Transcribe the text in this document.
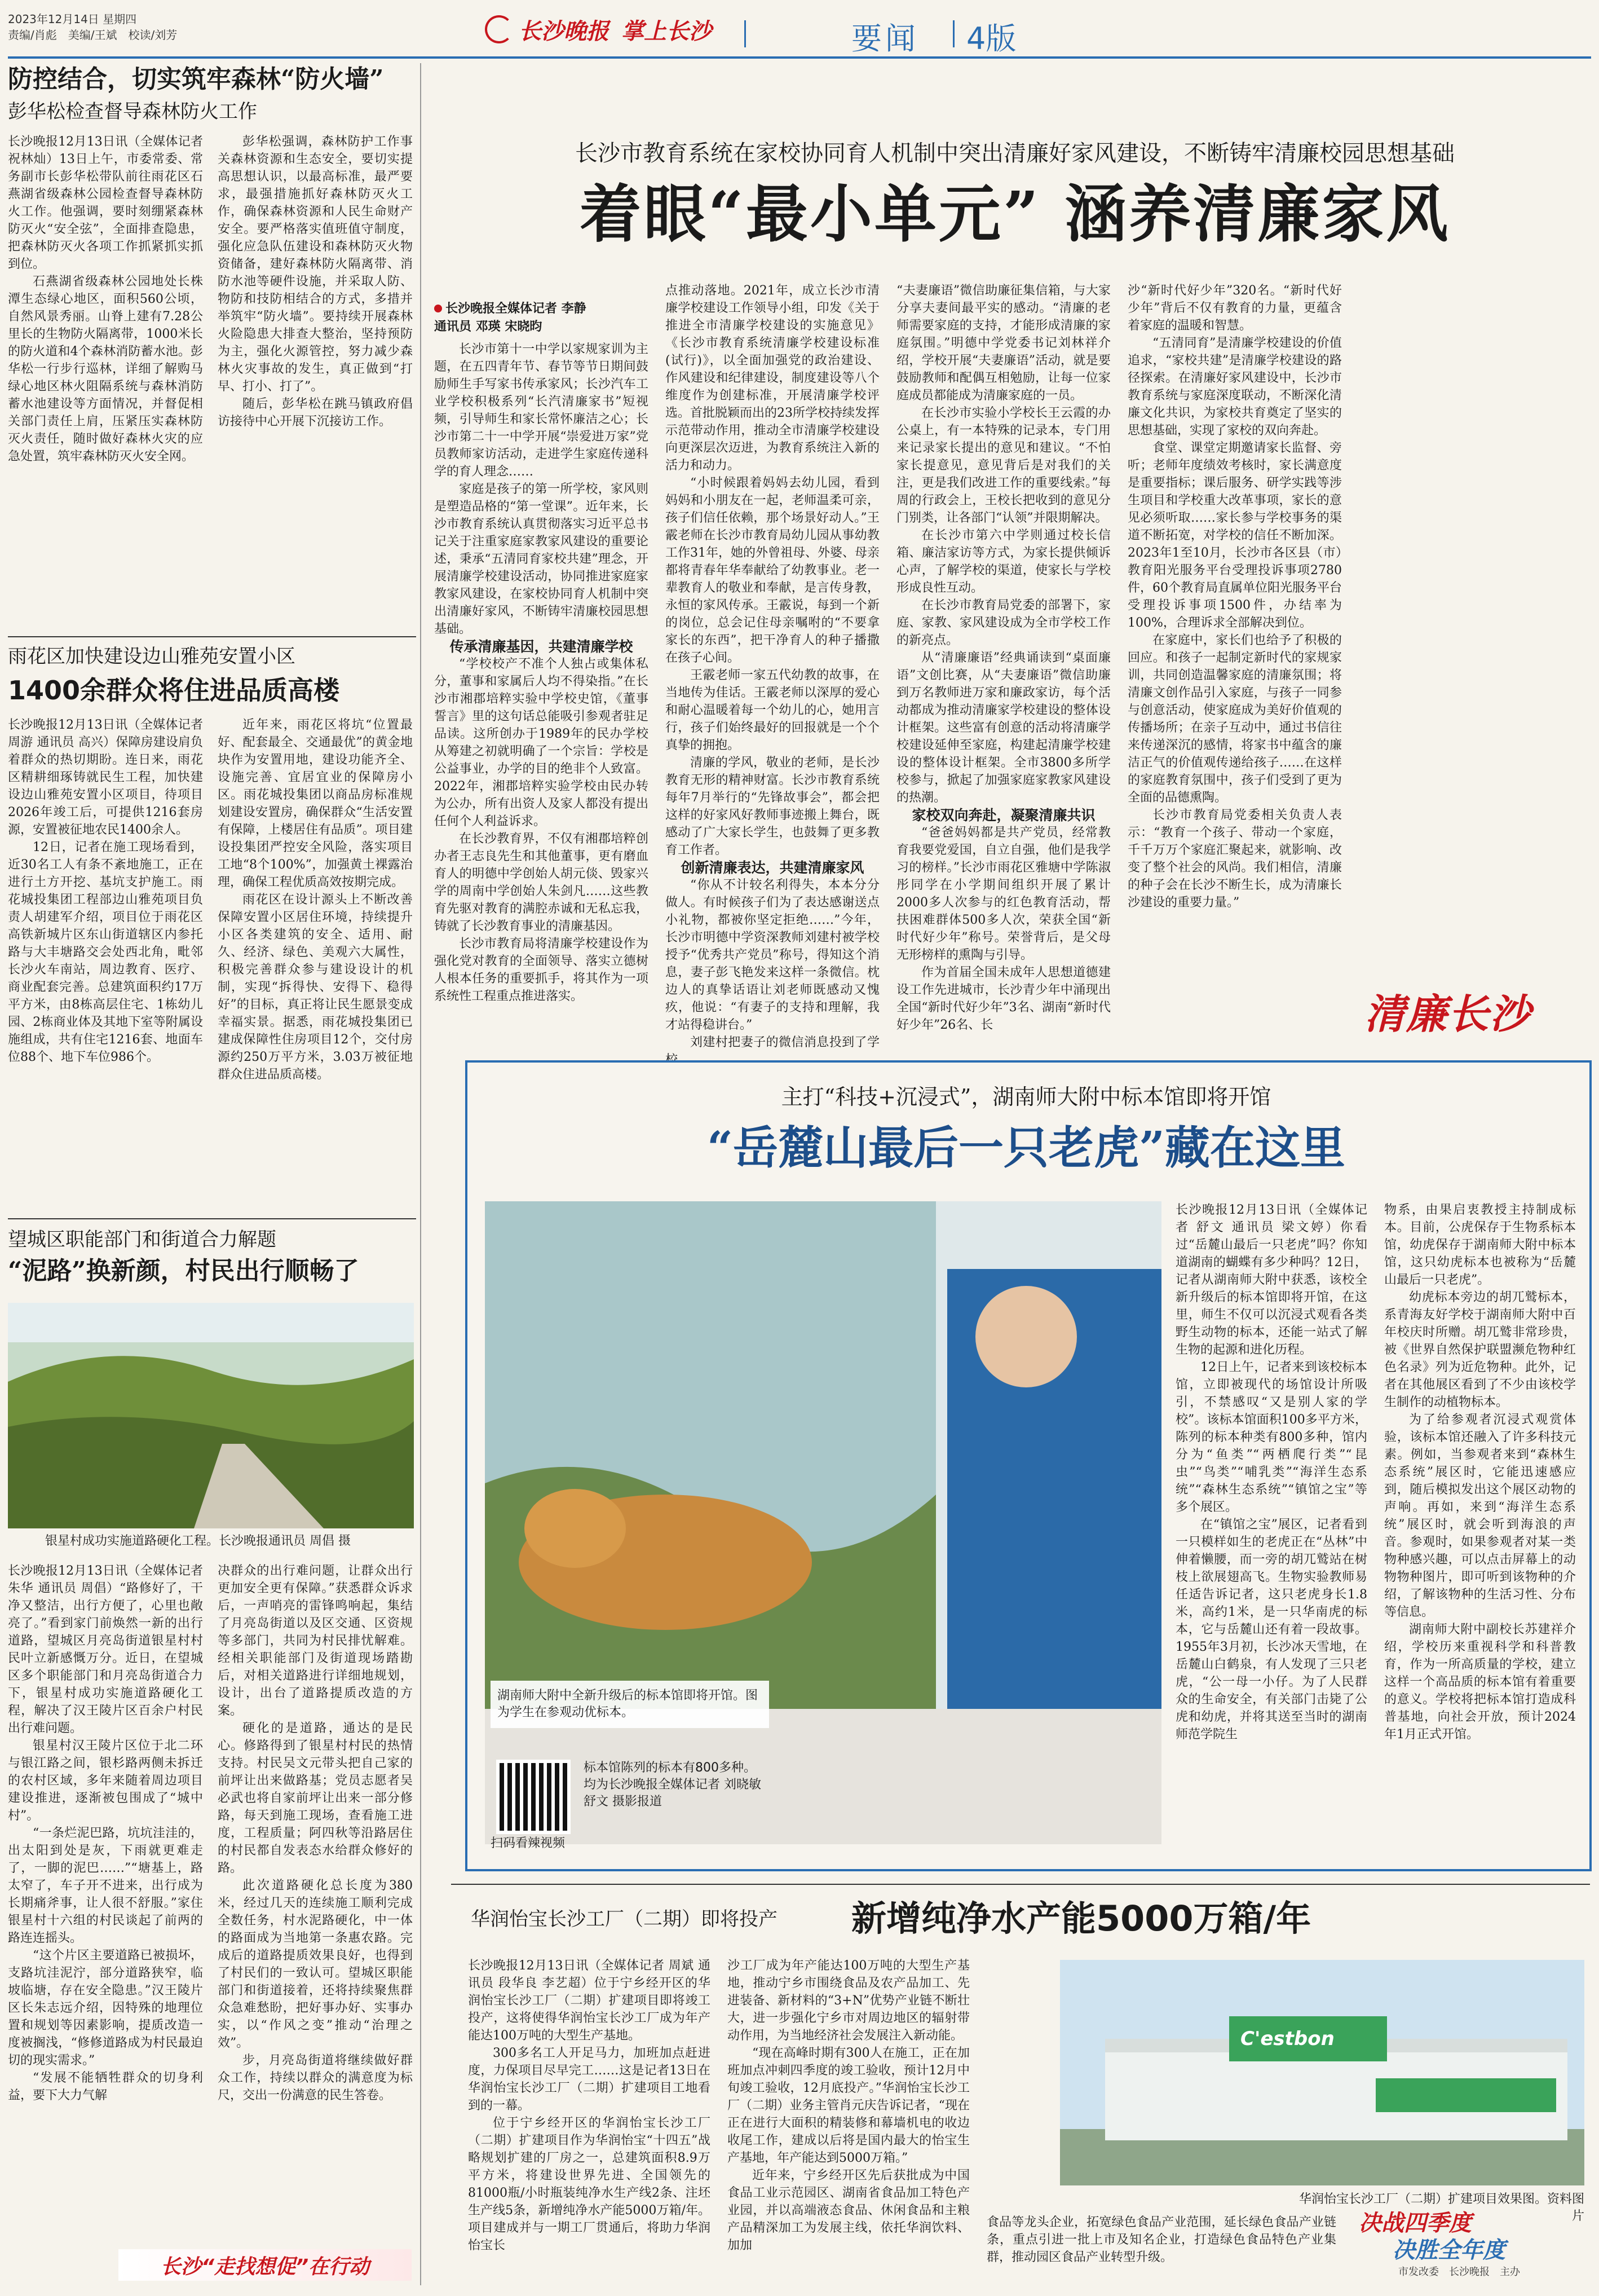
2023年12月14日 星期四
责编/肖彪　美编/王斌　校读/刘芳	长沙晚报 掌上长沙	要闻 4版
防控结合，切实筑牢森林“防火墙”
彭华松检查督导森林防火工作

长沙晚报12月13日讯（全媒体记者 祝林灿）13日上午，市委常委、常务副市长彭华松带队前往雨花区石燕湖省级森林公园检查督导森林防火工作。他强调，要时刻绷紧森林防灭火“安全弦”，全面排查隐患，把森林防灭火各项工作抓紧抓实抓到位。

石燕湖省级森林公园地处长株潭生态绿心地区，面积560公顷，自然风景秀丽。山脊上建有7.28公里长的生物防火隔离带，1000米长的防火道和4个森林消防蓄水池。彭华松一行步行巡林，详细了解购马绿心地区林火阻隔系统与森林消防蓄水池建设等方面情况，并督促相关部门责任上肩，压紧压实森林防灭火责任，随时做好森林火灾的应急处置，筑牢森林防灭火安全网。

彭华松强调，森林防护工作事关森林资源和生态安全，要切实提高思想认识，以最高标准，最严要求，最强措施抓好森林防灭火工作，确保森林资源和人民生命财产安全。要严格落实值班值守制度，强化应急队伍建设和森林防灭火物资储备，建好森林防火隔离带、消防水池等硬件设施，并采取人防、物防和技防相结合的方式，多措并举筑牢“防火墙”。要持续开展森林火险隐患大排查大整治，坚持预防为主，强化火源管控，努力减少森林火灾事故的发生，真正做到“打早、打小、打了”。

随后，彭华松在跳马镇政府倡访接待中心开展下沉接访工作。

雨花区加快建设边山雅苑安置小区
1400余群众将住进品质高楼

长沙晚报12月13日讯（全媒体记者 周游 通讯员 高兴）保障房建设肩负着群众的热切期盼。连日来，雨花区精耕细琢铸就民生工程，加快建设边山雅苑安置小区项目，待项目2026年竣工后，可提供1216套房源，安置被征地农民1400余人。

12日，记者在施工现场看到，近30名工人有条不紊地施工，正在进行土方开挖、基坑支护施工。雨花城投集团工程部边山雅苑项目负责人胡建军介绍，项目位于雨花区高铁新城片区东山街道辖区内参托路与大丰塘路交会处西北角，毗邻长沙火车南站，周边教育、医疗、商业配套完善。总建筑面积约17万平方米，由8栋高层住宅、1栋幼儿园、2栋商业体及其地下室等附属设施组成，共有住宅1216套、地面车位88个、地下车位986个。

近年来，雨花区将坑“位置最好、配套最全、交通最优”的黄金地块作为安置用地，建设功能齐全、设施完善、宜居宜业的保障房小区。雨花城投集团以商品房标准规划建设安置房，确保群众“生活安置有保障，上楼居住有品质”。项目建设投集团严控安全风险，落实项目工地“8个100%”，加强黄土裸露治理，确保工程优质高效按期完成。

雨花区在设计源头上不断改善保障安置小区居住环境，持续提升小区各类建筑的安全、适用、耐久、经济、绿色、美观六大属性，积极完善群众参与建设设计的机制，实现“拆得快、安得下、稳得好”的目标，真正将让民生愿景变成幸福实景。据悉，雨花城投集团已建成保障性住房项目12个，交付房源约250万平方米，3.03万被征地群众住进品质高楼。

望城区职能部门和街道合力解题
“泥路”换新颜，村民出行顺畅了
银星村成功实施道路硬化工程。长沙晚报通讯员 周倡 摄

长沙晚报12月13日讯（全媒体记者 朱华 通讯员 周倡）“路修好了，干净又整洁，出行方便了，心里也敞亮了。”看到家门前焕然一新的出行道路，望城区月亮岛街道银星村村民叶立新感慨万分。近日，在望城区多个职能部门和月亮岛街道合力下，银星村成功实施道路硬化工程，解决了汉王陵片区百余户村民出行难问题。

银星村汉王陵片区位于北二环与银江路之间，银杉路两侧未拆迁的农村区域，多年来随着周边项目建设推进，逐渐被包围成了“城中村”。

“一条烂泥巴路，坑坑洼洼的，出太阳到处是灰，下雨就更难走了，一脚的泥巴……”“塘基上，路太窄了，车子开不进来，出行成为长期痛斧事，让人很不舒服。”家住银星村十六组的村民谈起了前两的路连连摇头。

“这个片区主要道路已被损坏，支路坑洼泥泞，部分道路狭窄，临坡临塘，存在安全隐患。”汉王陵片区长朱志远介绍，因特殊的地理位置和规划等因素影响，提质改造一度被搁浅，“修修道路成为村民最迫切的现实需求。”

“发展不能牺牲群众的切身利益，要下大力气解

决群众的出行难问题，让群众出行更加安全更有保障。”获悉群众诉求后，一声哨亮的雷锋鸣响起，集结了月亮岛街道以及区交通、区资规等多部门，共同为村民排忧解难。经相关职能部门及街道现场踏勘后，对相关道路进行详细地规划，设计，出台了道路提质改造的方案。

硬化的是道路，通达的是民心。修路得到了银星村村民的热情支持。村民吴文元带头把自己家的前坪让出来做路基；党员志愿者吴必武也将自家前坪让出来一部分修路，每天到施工现场，查看施工进度，工程质量；阿四秋等沿路居住的村民都自发表态水给群众修好的路。

此次道路硬化总长度为380米，经过几天的连续施工顺利完成全数任务，村水泥路硬化，中一体的路面成为当地第一条惠农路。完成后的道路提质效果良好，也得到了村民们的一致认可。望城区职能部门和街道接着，还将持续聚焦群众急难愁盼，把好事办好、实事办实，以“作风之变”推动“治理之效”。

步，月亮岛街道将继续做好群众工作，持续以群众的满意度为标尺，交出一份满意的民生答卷。

长沙“走找想促”在行动
长沙市教育系统在家校协同育人机制中突出清廉好家风建设，不断铸牢清廉校园思想基础
着眼“最小单元” 涵养清廉家风

长沙晚报全媒体记者 李静
通讯员 邓瑛 宋晓昀

长沙市第十一中学以家规家训为主题，在五四青年节、春节等节日期间鼓励师生手写家书传承家风；长沙汽车工业学校积极系列“长汽清廉家书”短视频，引导师生和家长常怀廉洁之心；长沙市第二十一中学开展“崇爱进万家”党员教师家访活动，走进学生家庭传递科学的育人理念……

家庭是孩子的第一所学校，家风则是塑造品格的“第一堂课”。近年来，长沙市教育系统认真贯彻落实习近平总书记关于注重家庭家教家风建设的重要论述，秉承“五清同育家校共建”理念，开展清廉学校建设活动，协同推进家庭家教家风建设，在家校协同育人机制中突出清廉好家风，不断铸牢清廉校园思想基础。

传承清廉基因，共建清廉学校

“学校校产不准个人独占或集体私分，董事和家属后人均不得染指。”在长沙市湘郡培粹实验中学校史馆，《董事誓言》里的这句话总能吸引参观者驻足品读。这所创办于1989年的民办学校从筹建之初就明确了一个宗旨：学校是公益事业，办学的目的绝非个人致富。2022年，湘郡培粹实验学校由民办转为公办，所有出资人及家人都没有提出任何个人利益诉求。

在长沙教育界，不仅有湘郡培粹创办者王志良先生和其他董事，更有磨血育人的明德中学创始人胡元倓、毁家兴学的周南中学创始人朱剑凡……这些教育先驱对教育的满腔赤诚和无私忘我，铸就了长沙教育事业的清廉基因。

长沙市教育局将清廉学校建设作为强化党对教育的全面领导、落实立德树人根本任务的重要抓手，将其作为一项系统性工程重点推进落实。

点推动落地。2021年，成立长沙市清廉学校建设工作领导小组，印发《关于推进全市清廉学校建设的实施意见》《长沙市教育系统清廉学校建设标准(试行)》，以全面加强党的政治建设、作风建设和纪律建设，制度建设等八个维度作为创建标准，开展清廉学校评选。首批脱颖而出的23所学校持续发挥示范带动作用，推动全市清廉学校建设向更深层次迈进，为教育系统注入新的活力和动力。

“小时候跟着妈妈去幼儿园，看到妈妈和小朋友在一起，老师温柔可亲，孩子们信任依赖，那个场景好动人。”王霰老师在长沙市教育局幼儿园从事幼教工作31年，她的外曾祖母、外婆、母亲都将青春年华奉献给了幼教事业。老一辈教育人的敬业和奉献，是言传身教，永恒的家风传承。王霰说，每到一个新的岗位，总会记住母亲嘱咐的“不要拿家长的东西”，把干净育人的种子播撒在孩子心间。

王霰老师一家五代幼教的故事，在当地传为佳话。王霰老师以深厚的爱心和耐心温暖着每一个幼儿的心，她用言行，孩子们始终最好的回报就是一个个真挚的拥抱。

清廉的学风，敬业的老师，是长沙教育无形的精神财富。长沙市教育系统每年7月举行的“先锋故事会”，都会把这样的好家风好教师事迹搬上舞台，既感动了广大家长学生，也鼓舞了更多教育工作者。

创新清廉表达，共建清廉家风

“你从不计较名利得失，本本分分做人。有时候孩子们为了表达感谢送点小礼物，都被你坚定拒绝……”今年，长沙市明德中学资深教师刘建村被学校授予“优秀共产党员”称号，得知这个消息，妻子彭飞艳发来这样一条微信。枕边人的真挚话语让刘老师既感动又愧疚，他说：“有妻子的支持和理解，我才站得稳讲台。”

刘建村把妻子的微信消息投到了学

“夫妻廉语”微信助廉征集信箱，与大家分享夫妻间最平实的感动。“清廉的老师需要家庭的支持，才能形成清廉的家庭氛围。”明德中学党委书记刘林祥介绍，学校开展“夫妻廉语”活动，就是要鼓励教师和配偶互相勉励，让每一位家庭成员都能成为清廉家庭的一员。

在长沙市实验小学校长王云霞的办公桌上，有一本特殊的记录本，专门用来记录家长提出的意见和建议。“不怕家长提意见，意见背后是对我们的关注，更是我们改进工作的重要线索。”每周的行政会上，王校长把收到的意见分门别类，让各部门“认领”并限期解决。

在长沙市第六中学则通过校长信箱、廉洁家访等方式，为家长提供倾诉心声，了解学校的渠道，使家长与学校形成良性互动。

在长沙市教育局党委的部署下，家庭、家教、家风建设成为全市学校工作的新亮点。

从“清廉廉语”经典诵读到“桌面廉语”文创比赛，从“夫妻廉语”微信助廉到万名教师进万家和廉政家访，每个活动都成为推动清廉家学校建设的整体设计框架。这些富有创意的活动将清廉学校建设延伸至家庭，构建起清廉学校建设的整体设计框架。全市3800多所学校参与，掀起了加强家庭家教家风建设的热潮。

家校双向奔赴，凝聚清廉共识

“爸爸妈妈都是共产党员，经常教育我要党爱国，自立自强，他们是我学习的榜样。”长沙市雨花区雅塘中学陈淑彤同学在小学期间组织开展了累计2000多人次参与的红色教育活动，帮扶困难群体500多人次，荣获全国“新时代好少年”称号。荣誉背后，是父母无形榜样的熏陶与引导。

作为首届全国未成年人思想道德建设工作先进城市，长沙青少年中涌现出全国“新时代好少年”3名、湖南“新时代好少年”26名、长

沙“新时代好少年”320名。“新时代好少年”背后不仅有教育的力量，更蕴含着家庭的温暖和智慧。

“五清同育”是清廉学校建设的价值追求，“家校共建”是清廉学校建设的路径探索。在清廉好家风建设中，长沙市教育系统与家庭深度联动，不断深化清廉文化共识，为家校共育奠定了坚实的思想基础，实现了家校的双向奔赴。

食堂、课堂定期邀请家长监督、旁听；老师年度绩效考核时，家长满意度是重要指标；课后服务、研学实践等涉生项目和学校重大改革事项，家长的意见必须听取……家长参与学校事务的渠道不断拓宽，对学校的信任不断加深。2023年1至10月，长沙市各区县（市）教育阳光服务平台受理投诉事项2780件，60个教育局直属单位阳光服务平台受理投诉事项1500件，办结率为100%，合理诉求全部解决到位。

在家庭中，家长们也给予了积极的回应。和孩子一起制定新时代的家规家训，共同创造温馨家庭的清廉氛围；将清廉文创作品引入家庭，与孩子一同参与创意活动，使家庭成为美好价值观的传播场所；在亲子互动中，通过书信往来传递深沉的感情，将家书中蕴含的廉洁正气的价值观传递给孩子……在这样的家庭教育氛围中，孩子们受到了更为全面的品德熏陶。

长沙市教育局党委相关负责人表示：“教育一个孩子、带动一个家庭，千千万万个家庭汇聚起来，就影响、改变了整个社会的风尚。我们相信，清廉的种子会在长沙不断生长，成为清廉长沙建设的重要力量。”

清廉长沙
主打“科技+沉浸式”，湖南师大附中标本馆即将开馆
“岳麓山最后一只老虎”藏在这里
湖南师大附中全新升级后的标本馆即将开馆。图为学生在参观动优标本。
扫码看辣视频
标本馆陈列的标本有800多种。
均为长沙晚报全媒体记者 刘晓敏 舒文 摄影报道

长沙晚报12月13日讯（全媒体记者 舒文 通讯员 梁文婷）你看过“岳麓山最后一只老虎”吗？你知道湖南的蝴蝶有多少种吗？12日，记者从湖南师大附中获悉，该校全新升级后的标本馆即将开馆，在这里，师生不仅可以沉浸式观看各类野生动物的标本，还能一站式了解生物的起源和进化历程。

12日上午，记者来到该校标本馆，立即被现代的场馆设计所吸引，不禁感叹“又是别人家的学校”。该标本馆面积100多平方米，陈列的标本种类有800多种，馆内分为“鱼类”“两栖爬行类”“昆虫”“鸟类”“哺乳类”“海洋生态系统”“森林生态系统”“镇馆之宝”等多个展区。

在“镇馆之宝”展区，记者看到一只模样如生的老虎正在“丛林”中伸着懒腰，而一旁的胡兀鹫站在树枝上欲展翅高飞。生物实验教师易任适告诉记者，这只老虎身长1.8米，高约1米，是一只华南虎的标本，它与岳麓山还有着一段故事。1955年3月初，长沙冰天雪地，在岳麓山白鹤泉，有人发现了三只老虎，“公一母一小仔。为了人民群众的生命安全，有关部门击毙了公虎和幼虎，并将其送至当时的湖南师范学院生

物系，由果启衷教授主持制成标本。目前，公虎保存于生物系标本馆，幼虎保存于湖南师大附中标本馆，这只幼虎标本也被称为“岳麓山最后一只老虎”。

幼虎标本旁边的胡兀鹫标本，系青海友好学校于湖南师大附中百年校庆时所赠。胡兀鹫非常珍贵，被《世界自然保护联盟濒危物种红色名录》列为近危物种。此外，记者在其他展区看到了不少由该校学生制作的动植物标本。

为了给参观者沉浸式观赏体验，该标本馆还融入了许多科技元素。例如，当参观者来到“森林生态系统”展区时，它能迅速感应到，随后模拟发出这个展区动物的声响。再如，来到“海洋生态系统”展区时，就会听到海浪的声音。参观时，如果参观者对某一类物种感兴趣，可以点击屏幕上的动物物种图片，即可听到该物种的介绍，了解该物种的生活习性、分布等信息。

湖南师大附中副校长苏建祥介绍，学校历来重视科学和科普教育，作为一所高质量的学校，建立这样一个高品质的标本馆有着重要的意义。学校将把标本馆打造成科普基地，向社会开放，预计2024年1月正式开馆。

华润怡宝长沙工厂（二期）即将投产 新增纯净水产能5000万箱/年

长沙晚报12月13日讯（全媒体记者 周斌 通讯员 段华良 李艺超）位于宁乡经开区的华润怡宝长沙工厂（二期）扩建项目即将竣工投产，这将使得华润怡宝长沙工厂成为年产能达100万吨的大型生产基地。

300多名工人开足马力，加班加点赶进度，力保项目尽早完工……这是记者13日在华润怡宝长沙工厂（二期）扩建项目工地看到的一幕。

位于宁乡经开区的华润怡宝长沙工厂（二期）扩建项目作为华润怡宝“十四五”战略规划扩建的厂房之一，总建筑面积8.9万平方米，将建设世界先进、全国领先的81000瓶/小时瓶装纯净水生产线2条、注坯生产线5条，新增纯净水产能5000万箱/年。项目建成并与一期工厂贯通后，将助力华润怡宝长

沙工厂成为年产能达100万吨的大型生产基地，推动宁乡市围绕食品及农产品加工、先进装备、新材料的“3+N”优势产业链不断壮大，进一步强化宁乡市对周边地区的辐射带动作用，为当地经济社会发展注入新动能。

“现在高峰时期有300人在施工，正在加班加点冲刺四季度的竣工验收，预计12月中旬竣工验收，12月底投产。”华润怡宝长沙工厂（二期）业务主管肖元庆告诉记者，“现在正在进行大面积的精装修和幕墙机电的收边收尾工作，建成以后将是国内最大的怡宝生产基地，年产能达到5000万箱。”

近年来，宁乡经开区先后获批成为中国食品工业示范园区、湖南省食品加工特色产业园，并以高端液态食品、休闲食品和主粮产品精深加工为发展主线，依托华润饮料、加加

C'estbon
华润怡宝长沙工厂（二期）扩建项目效果图。资料图片

食品等龙头企业，拓宽绿色食品产业范围，延长绿色食品产业链条，重点引进一批上市及知名企业，打造绿色食品特色产业集群，推动园区食品产业转型升级。

决战四季度
决胜全年度
市发改委　长沙晚报　主办
